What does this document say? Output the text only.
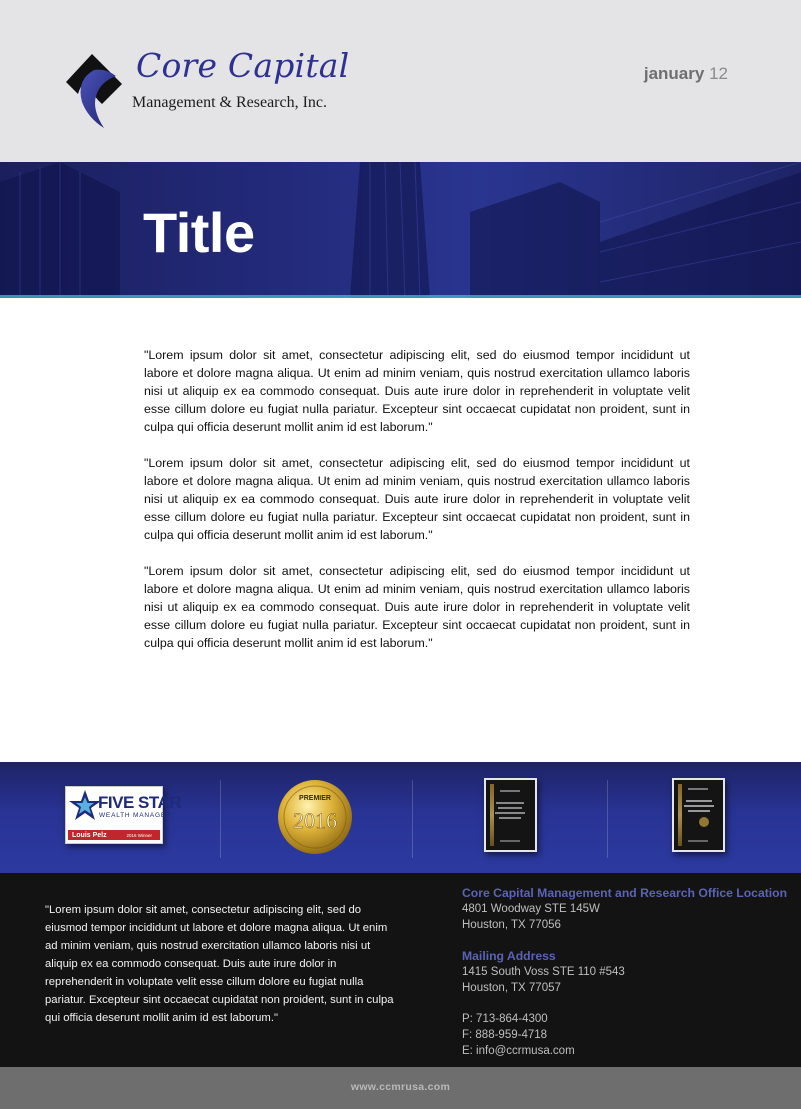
Core Capital
Management & Research, Inc.
january 12
Title

"Lorem ipsum dolor sit amet, consectetur adipiscing elit, sed do eiusmod tempor incididunt ut labore et dolore magna aliqua. Ut enim ad minim veniam, quis nostrud exercitation ullamco laboris nisi ut aliquip ex ea commodo consequat. Duis aute irure dolor in reprehenderit in voluptate velit esse cillum dolore eu fugiat nulla pariatur. Excepteur sint occaecat cupidatat non proident, sunt in culpa qui officia deserunt mollit anim id est laborum."

"Lorem ipsum dolor sit amet, consectetur adipiscing elit, sed do eiusmod tempor incididunt ut labore et dolore magna aliqua. Ut enim ad minim veniam, quis nostrud exercitation ullamco laboris nisi ut aliquip ex ea commodo consequat. Duis aute irure dolor in reprehenderit in voluptate velit esse cillum dolore eu fugiat nulla pariatur. Excepteur sint occaecat cupidatat non proident, sunt in culpa qui officia deserunt mollit anim id est laborum."

"Lorem ipsum dolor sit amet, consectetur adipiscing elit, sed do eiusmod tempor incididunt ut labore et dolore magna aliqua. Ut enim ad minim veniam, quis nostrud exercitation ullamco laboris nisi ut aliquip ex ea commodo consequat. Duis aute irure dolor in reprehenderit in voluptate velit esse cillum dolore eu fugiat nulla pariatur. Excepteur sint occaecat cupidatat non proident, sunt in culpa qui officia deserunt mollit anim id est laborum."

FIVE STAR
WEALTH MANAGER
Louis Pelz	2016 Winner
PREMIER
2016

"Lorem ipsum dolor sit amet, consectetur adipiscing elit, sed do eiusmod tempor incididunt ut labore et dolore magna aliqua. Ut enim ad minim veniam, quis nostrud exercitation ullamco laboris nisi ut aliquip ex ea commodo consequat. Duis aute irure dolor in reprehenderit in voluptate velit esse cillum dolore eu fugiat nulla pariatur. Excepteur sint occaecat cupidatat non proident, sunt in culpa qui officia deserunt mollit anim id est laborum."

Core Capital Management and Research Office Location

4801 Woodway STE 145W

Houston, TX 77056

Mailing Address

1415 South Voss STE 110 #543

Houston, TX 77057

P: 713-864-4300

F: 888-959-4718

E: info@ccrmusa.com

www.ccmrusa.com
